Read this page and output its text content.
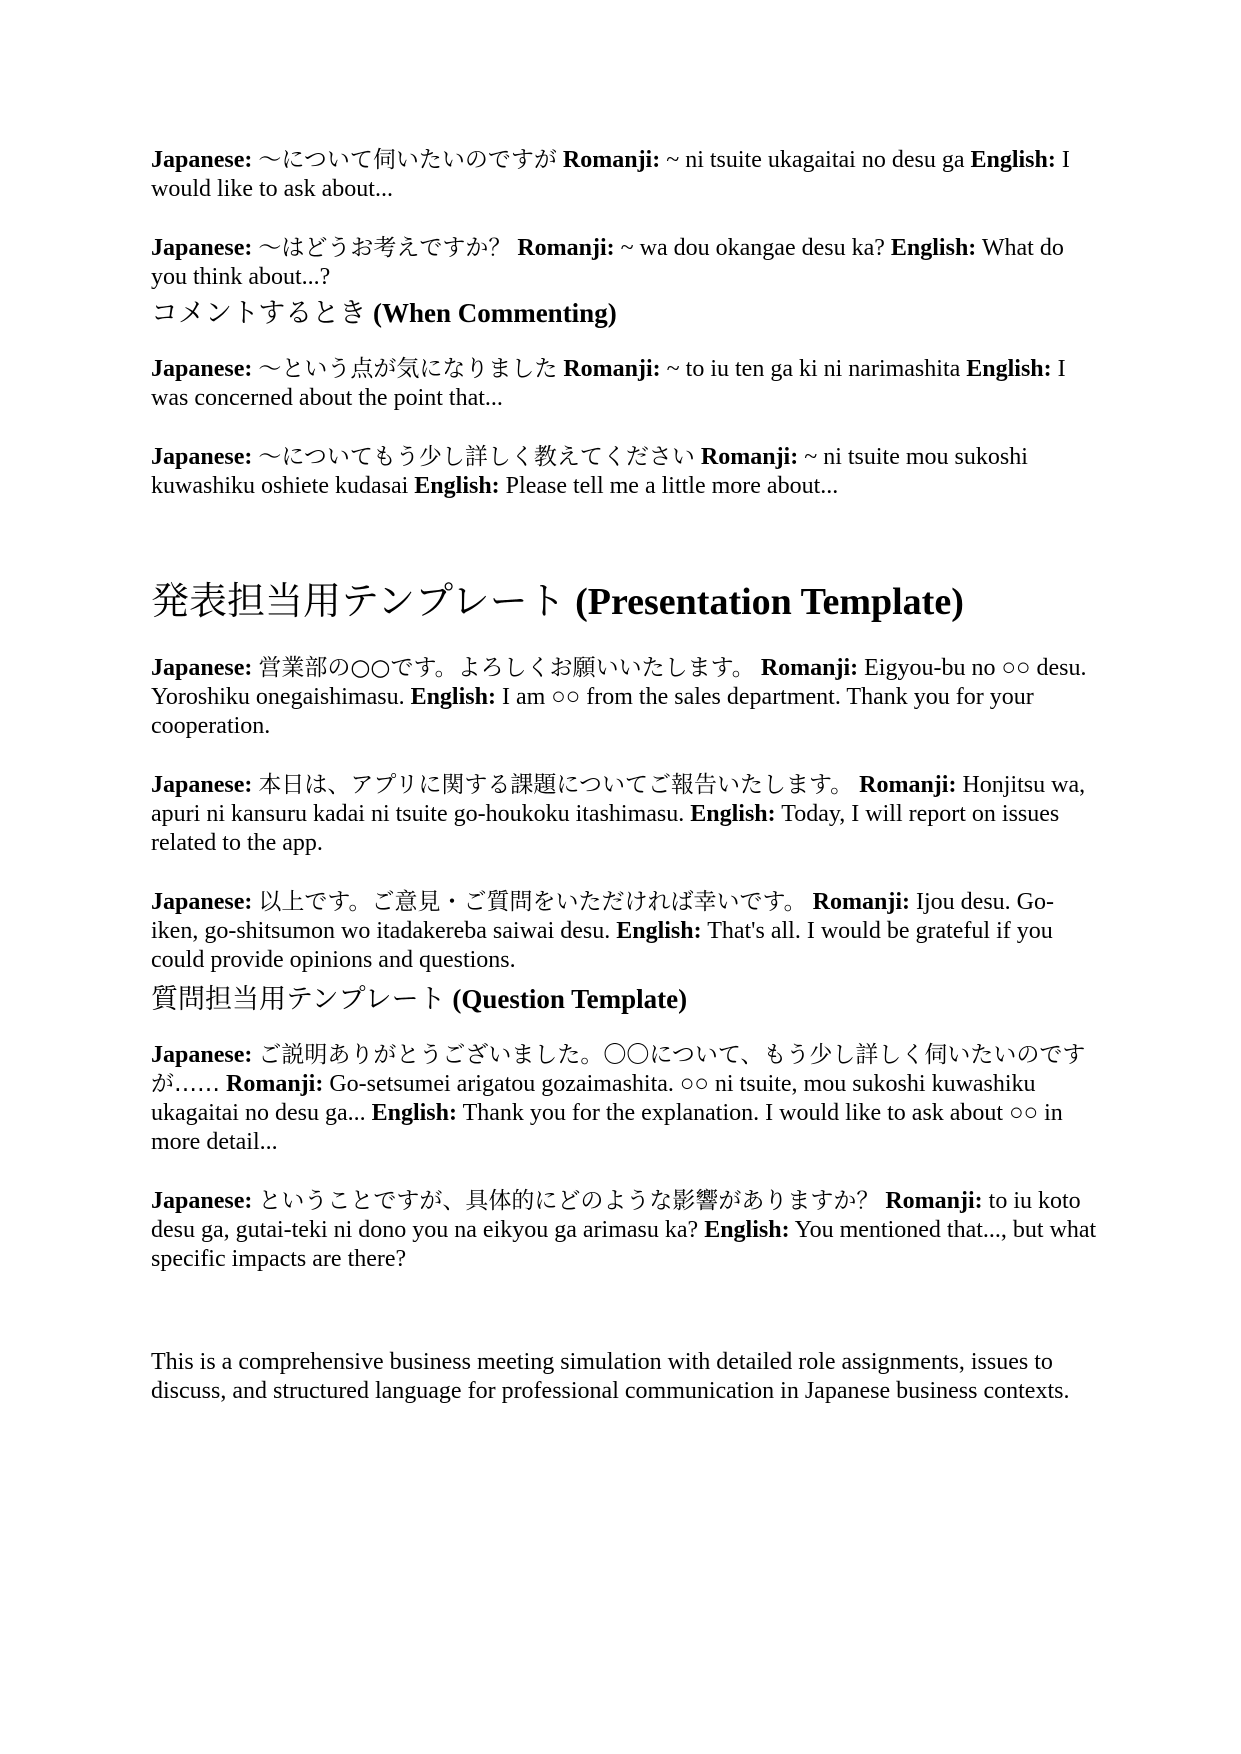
Japanese: 〜について伺いたいのですが Romanji: ~ ni tsuite ukagaitai no desu ga English: I would like to ask about...

Japanese: 〜はどうお考えですか？ Romanji: ~ wa dou okangae desu ka? English: What do you think about...?

コメントするとき (When Commenting)

Japanese: 〜という点が気になりました Romanji: ~ to iu ten ga ki ni narimashita English: I was concerned about the point that...

Japanese: 〜についてもう少し詳しく教えてください Romanji: ~ ni tsuite mou sukoshi kuwashiku oshiete kudasai English: Please tell me a little more about...

発表担当用テンプレート (Presentation Template)

Japanese: 営業部の○○です。よろしくお願いいたします。 Romanji: Eigyou-bu no ○○ desu. Yoroshiku onegaishimasu. English: I am ○○ from the sales department. Thank you for your cooperation.

Japanese: 本日は、アプリに関する課題についてご報告いたします。 Romanji: Honjitsu wa, apuri ni kansuru kadai ni tsuite go-houkoku itashimasu. English: Today, I will report on issues related to the app.

Japanese: 以上です。ご意見・ご質問をいただければ幸いです。 Romanji: Ijou desu. Go-iken, go-shitsumon wo itadakereba saiwai desu. English: That's all. I would be grateful if you could provide opinions and questions.

質問担当用テンプレート (Question Template)

Japanese: ご説明ありがとうございました。〇〇について、もう少し詳しく伺いたいのですが…… Romanji: Go-setsumei arigatou gozaimashita. ○○ ni tsuite, mou sukoshi kuwashiku ukagaitai no desu ga... English: Thank you for the explanation. I would like to ask about ○○ in more detail...

Japanese: ということですが、具体的にどのような影響がありますか？ Romanji: to iu koto desu ga, gutai-teki ni dono you na eikyou ga arimasu ka? English: You mentioned that..., but what specific impacts are there?

This is a comprehensive business meeting simulation with detailed role assignments, issues to discuss, and structured language for professional communication in Japanese business contexts.
